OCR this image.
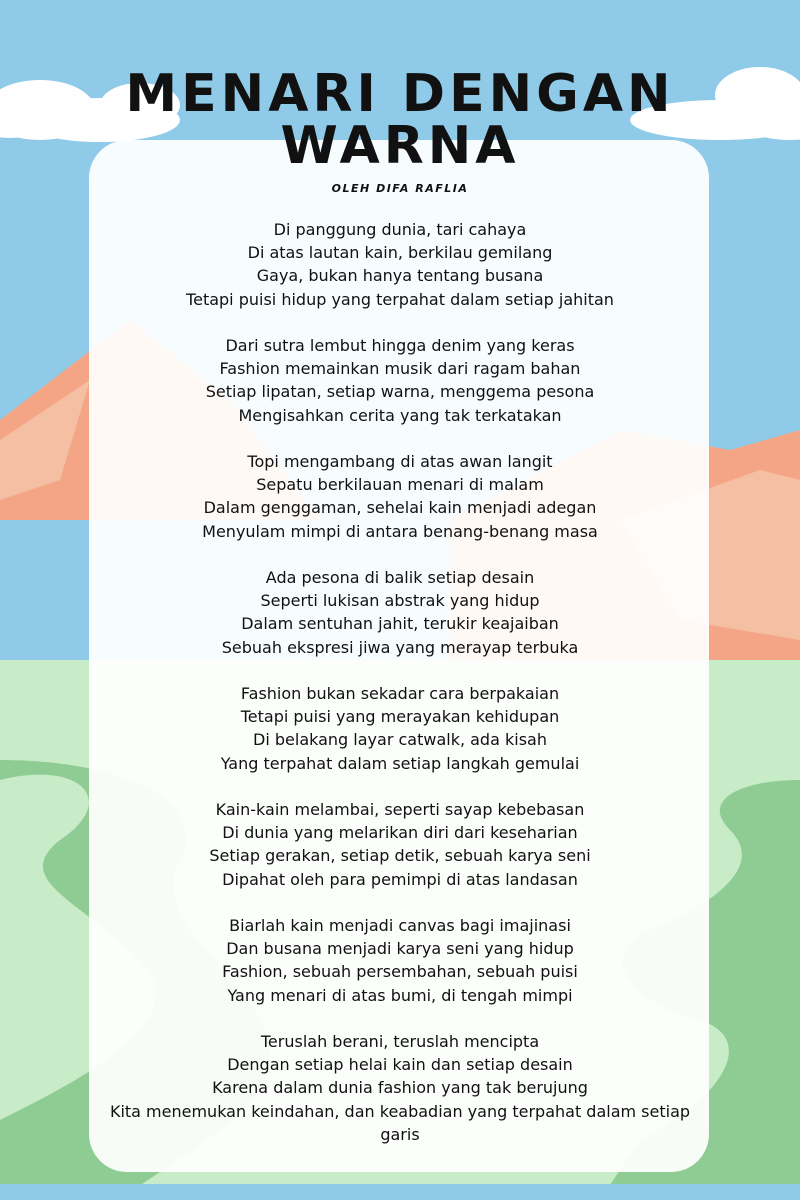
MENARI DENGAN
WARNA
OLEH DIFA RAFLIA
Di panggung dunia, tari cahaya
Di atas lautan kain, berkilau gemilang
Gaya, bukan hanya tentang busana
Tetapi puisi hidup yang terpahat dalam setiap jahitan
Dari sutra lembut hingga denim yang keras
Fashion memainkan musik dari ragam bahan
Setiap lipatan, setiap warna, menggema pesona
Mengisahkan cerita yang tak terkatakan
Topi mengambang di atas awan langit
Sepatu berkilauan menari di malam
Dalam genggaman, sehelai kain menjadi adegan
Menyulam mimpi di antara benang-benang masa
Ada pesona di balik setiap desain
Seperti lukisan abstrak yang hidup
Dalam sentuhan jahit, terukir keajaiban
Sebuah ekspresi jiwa yang merayap terbuka
Fashion bukan sekadar cara berpakaian
Tetapi puisi yang merayakan kehidupan
Di belakang layar catwalk, ada kisah
Yang terpahat dalam setiap langkah gemulai
Kain-kain melambai, seperti sayap kebebasan
Di dunia yang melarikan diri dari keseharian
Setiap gerakan, setiap detik, sebuah karya seni
Dipahat oleh para pemimpi di atas landasan
Biarlah kain menjadi canvas bagi imajinasi
Dan busana menjadi karya seni yang hidup
Fashion, sebuah persembahan, sebuah puisi
Yang menari di atas bumi, di tengah mimpi
Teruslah berani, teruslah mencipta
Dengan setiap helai kain dan setiap desain
Karena dalam dunia fashion yang tak berujung
Kita menemukan keindahan, dan keabadian yang terpahat dalam setiap garis
